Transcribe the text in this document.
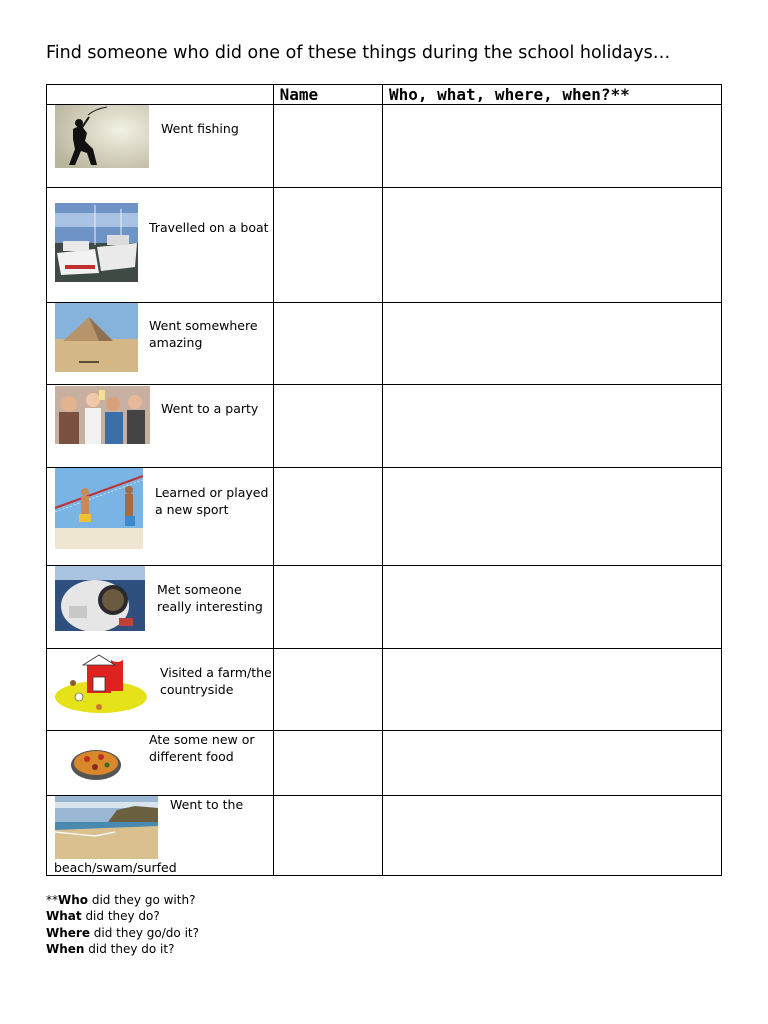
Find someone who did one of these things during the school holidays…
	Name	Who, what, where, when?**

Went fishing		

Travelled on a boat		

Went somewhere amazing		

Went to a party		

Learned or played a new sport		

Met someone really interesting		

Visited a farm/the countryside		

Ate some new or different food		

Went to the
beach/swam/surfed		

**Who did they go with?
What did they do?
Where did they go/do it?
When did they do it?
